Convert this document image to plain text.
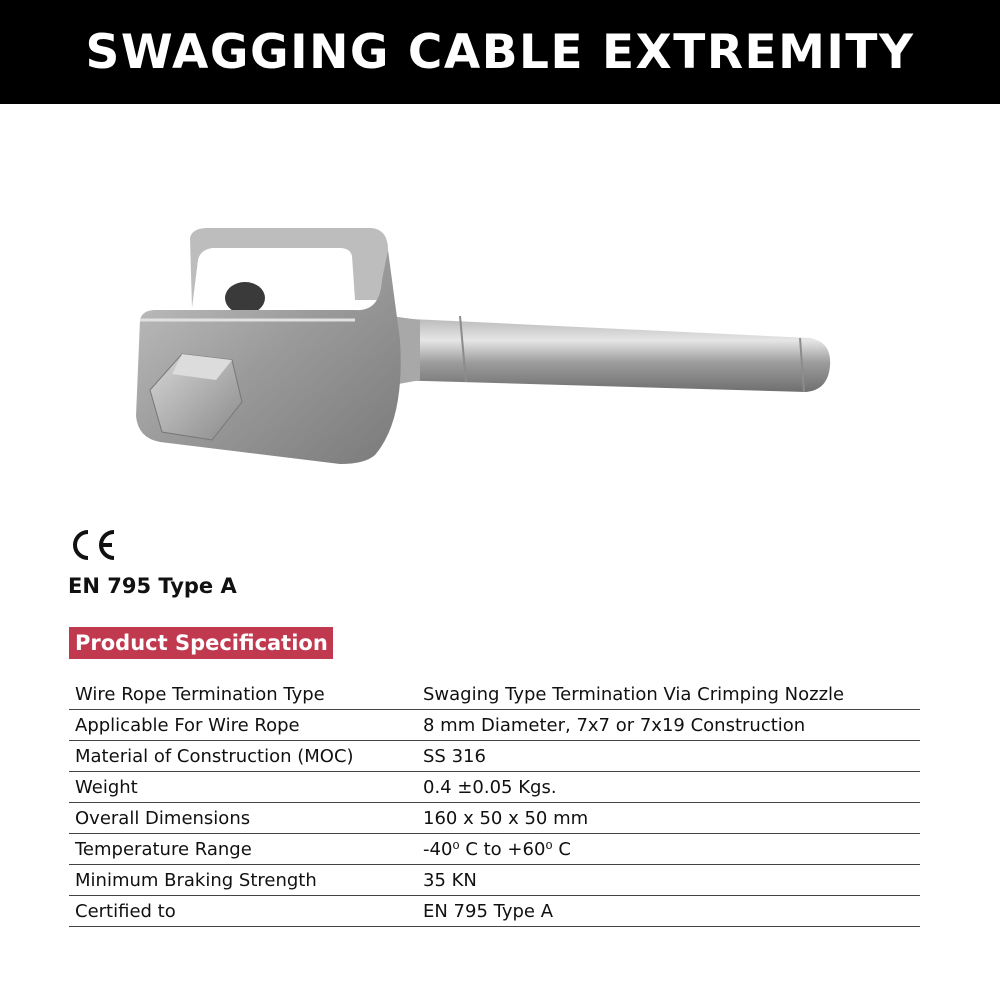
SWAGGING CABLE EXTREMITY

EN 795 Type A

Product Specification
Wire Rope Termination Type	Swaging Type Termination Via Crimping Nozzle
Applicable For Wire Rope	8 mm Diameter, 7x7 or 7x19 Construction
Material of Construction (MOC)	SS 316
Weight	0.4 ±0.05 Kgs.
Overall Dimensions	160 x 50 x 50 mm
Temperature Range	-40⁰ C to +60⁰ C
Minimum Braking Strength	35 KN
Certified to	EN 795 Type A
